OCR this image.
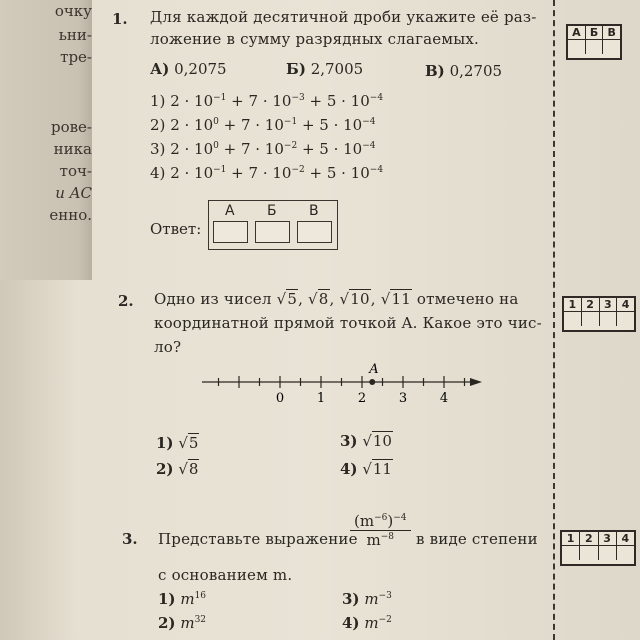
очку
ьни-
тре-
рове-
ника
точ-
и AC
енно.
1. Для каждой десятичной дроби укажите её раз-
ложение в сумму разрядных слагаемых.
А) 0,2075	Б) 2,7005	В) 0,2705
1) $2 \cdot 10^{-1} + 7 \cdot 10^{-3} + 5 \cdot 10^{-4}$
2) $2 \cdot 10^0 + 7 \cdot 10^{-1} + 5 \cdot 10^{-4}$
3) $2 \cdot 10^0 + 7 \cdot 10^{-2} + 5 \cdot 10^{-4}$
4) $2 \cdot 10^{-1} + 7 \cdot 10^{-2} + 5 \cdot 10^{-4}$
Ответ:
А Б В
А Б В
2. Одно из чисел √5, √8, √10, √11 отмечено на
координатной прямой точкой A. Какое это чис-
ло?
0	1	2	3	4
A
1) √5
2) √8
3) √10
4) √11
1 2 3 4
3. Представьте выражение
$\frac{(m^{-6})^{-4}}{m^{-8}}$ в виде степени
с основанием m.
1) $m^{16}$
2) $m^{32}$
3) $m^{-3}$
4) $m^{-2}$
1 2 3 4
